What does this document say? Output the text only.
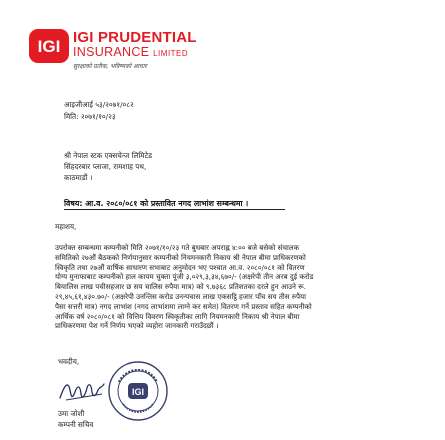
IGI IGI PRUDENTIAL
INSURANCE LIMITED
सुरक्षाको प्रतीक, भविष्यको आधार
आइजीआई ५३/२०७१/०८२
मिति: २०७१/१०/२३
श्री नेपाल स्टक एक्सचेन्ज लिमिटेड
सिंहदरबार प्लाजा, रामशाह पथ,
काठमाडौं ।
विषय: आ.व. २०८०/०८१ को प्रस्तावित नगद लाभांश सम्बन्धमा ।
महाशय,
उपरोक्त सम्बन्धमा कम्पनीको मिति २०७१/१०/२३ गते बुधबार अपराह्न ४:०० बजे बसेको संचालक
समितिको २७औं बैठकको निर्णयानुसार कम्पनीको नियमनकारी निकाय श्री नेपाल बीमा प्राधिकरणको
स्विकृति तथा २७औं वार्षिक साधारण सभाबाट अनुमोदन भए पश्चात आ.व. २०८०/०८१ को वितरण
योग्य मुनाफाबाट कम्पनीको हाल कायम चुक्ता पूंजी ३,०२९,३,३४,६७०/- (अक्षरेपी तीन अरब दुई करोड
बियालिस लाख पचीसहजार छ सय चालिस रुपैया मात्र) को ९.७३६८ प्रतिशतका दरले हुन आउने रू.
२९,४५,६१,४३०.७०/- (अक्षरेपी उनन्तिस करोड उनन्पचास लाख एकसट्ठि हजार पाँच सय तीस रुपैया
पैसा सत्तरी मात्र) नगद लाभांश (नगद लाभांशमा लाग्ने कर समेत) वितरण गर्ने प्रस्ताव सहित कम्पनीको
आर्थिक वर्ष २०८०/०८१ को वित्तिय विवरण स्विकृतीका लागि नियमनकारी निकाय श्री नेपाल बीमा
प्राधिकरणमा पेश गर्ने निर्णय भएको व्यहोरा जानकारी गराउँदछौं ।
भवदीय,
IGI
उमा जोशी
कम्पनी सचिव
